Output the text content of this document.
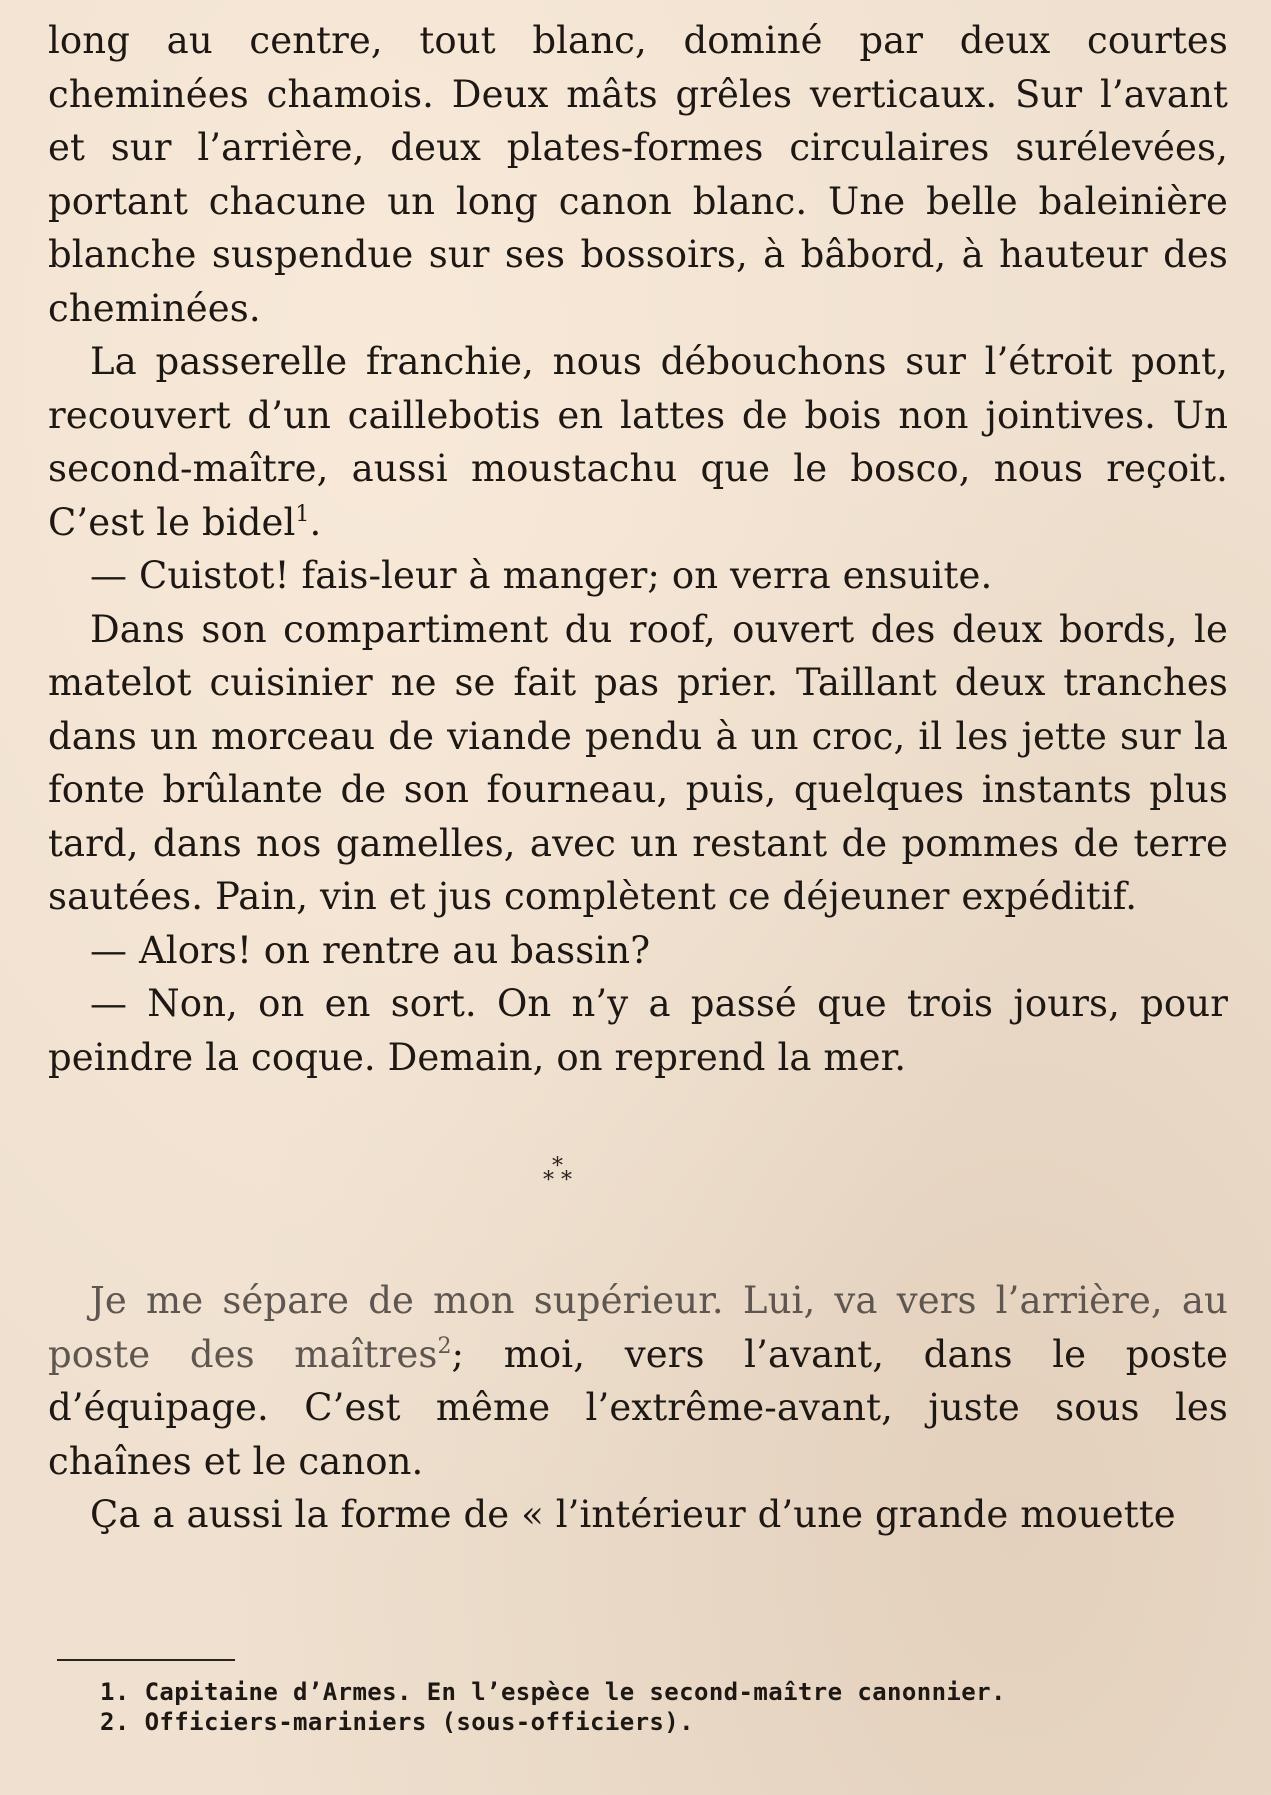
long au centre, tout blanc, dominé par deux courtes cheminées chamois. Deux mâts grêles verticaux. Sur l’avant et sur l’arrière, deux plates-formes circulaires surélevées, portant chacune un long canon blanc. Une belle baleinière blanche suspendue sur ses bossoirs, à bâbord, à hauteur des cheminées.

La passerelle franchie, nous débouchons sur l’étroit pont, recouvert d’un caillebotis en lattes de bois non jointives. Un second-maître, aussi moustachu que le bosco, nous reçoit. C’est le bidel$^1$.

— Cuistot! fais-leur à manger; on verra ensuite.

Dans son compartiment du roof, ouvert des deux bords, le matelot cuisinier ne se fait pas prier. Taillant deux tranches dans un morceau de viande pendu à un croc, il les jette sur la fonte brûlante de son fourneau, puis, quelques instants plus tard, dans nos gamelles, avec un restant de pommes de terre sautées. Pain, vin et jus complètent ce déjeuner expéditif.

— Alors! on rentre au bassin?

— Non, on en sort. On n’y a passé que trois jours, pour peindre la coque. Demain, on reprend la mer.

*
* *

Je me sépare de mon supérieur. Lui, va vers l’arrière, au poste des maîtres$^2$; moi, vers l’avant, dans le poste d’équipage. C’est même l’extrême-avant, juste sous les chaînes et le canon.

Ça a aussi la forme de « l’intérieur d’une grande mouette

1. Capitaine d’Armes. En l’espèce le second-maître canonnier.

2. Officiers-mariniers (sous-officiers).
